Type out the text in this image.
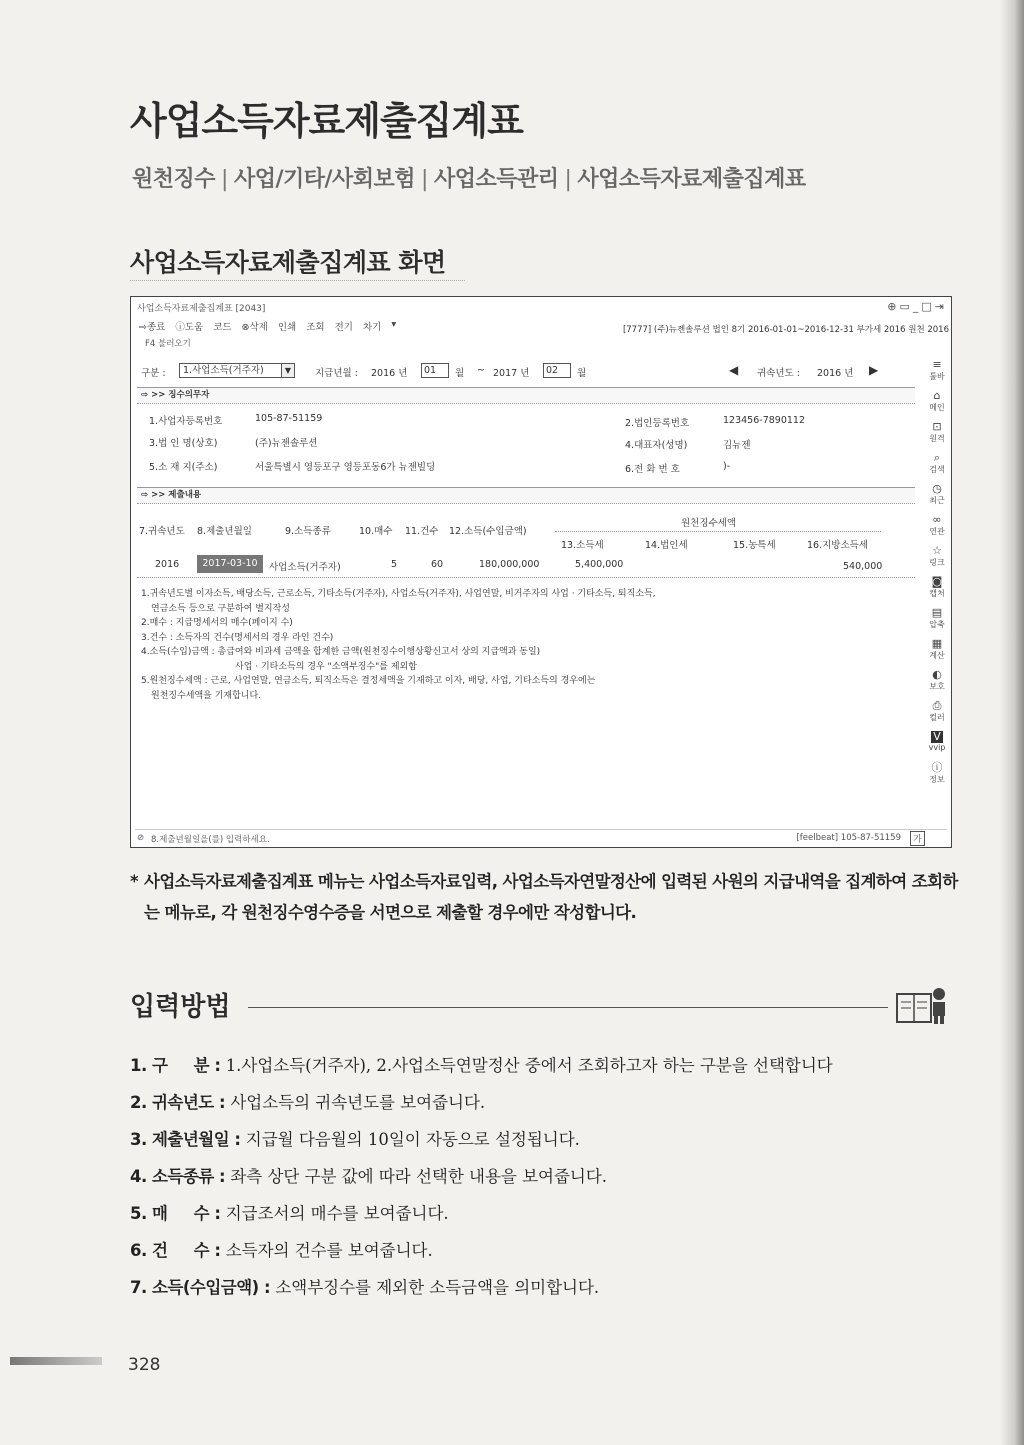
사업소득자료제출집계표
원천징수 | 사업/기타/사회보험 | 사업소득관리 | 사업소득자료제출집계표
사업소득자료제출집계표 화면
사업소득자료제출집계표 [2043]	⊕▭_□⇥
⇨종료 ⓘ도움 코드 ⊗삭제 인쇄 조회 전기 차기 ▾	[7777] (주)뉴젠솔루션 법인 8기 2016-01-01~2016-12-31 부가세 2016 원천 2016
F4 불러오기
구분 :	1.사업소득(거주자)	▼	지급년월 : 2016 년	01	월 ~ 2017 년	02	월	◀ 귀속년도 : 2016 년 ▶
⇨ >> 징수의무자
1.사업자등록번호	105-87-51159	2.법인등록번호	123456-7890112
3.법 인 명(상호)	(주)뉴젠솔루션	4.대표자(성명)	김뉴젠
5.소 재 지(주소)	서울특별시 영등포구 영등포동6가 뉴젠빌딩	6.전 화 번 호	)-
⇨ >> 제출내용
7.귀속년도 8.제출년월일	9.소득종류	10.매수 11.건수 12.소득(수입금액)
원천징수세액
13.소득세	14.법인세	15.농특세	16.지방소득세
2016	2017-03-10	사업소득(거주자)	5	60	180,000,000	5,400,000	540,000
1.귀속년도별 이자소득, 배당소득, 근로소득, 기타소득(거주자), 사업소득(거주자), 사업연말, 비거주자의 사업 · 기타소득, 퇴직소득,
연금소득 등으로 구분하여 별지작성
2.매수 : 지급명세서의 매수(페이지 수)
3.건수 : 소득자의 건수(명세서의 경우 라인 건수)
4.소득(수입)금액 : 총급여와 비과세 금액을 합계한 금액(원천징수이행상황신고서 상의 지급액과 동일)
사업 · 기타소득의 경우 "소액부징수"를 제외함
5.원천징수세액 : 근로, 사업연말, 연금소득, 퇴직소득은 결정세액을 기재하고 이자, 배당, 사업, 기타소득의 경우에는
원천징수세액을 기재합니다.
≡
툴바
⌂
메인
⊡
원격
⌕
검색
◷
최근
∞
연관
☆
링크
◙
캡처
▤
압축
▦
계산
◐
보호
⎙
컬러
V
vvip
ⓘ
정보
⊘ 8.제출년월일을(를) 입력하세요.	[feelbeat] 105-87-51159	가
* 사업소득자료제출집계표 메뉴는 사업소득자료입력, 사업소득자연말정산에 입력된 사원의 지급내역을 집계하여 조회하는 메뉴로, 각 원천징수영수증을 서면으로 제출할 경우에만 작성합니다.
입력방법
1. 구     분 : 1.사업소득(거주자), 2.사업소득연말정산 중에서 조회하고자 하는 구분을 선택합니다
2. 귀속년도 : 사업소득의 귀속년도를 보여줍니다.
3. 제출년월일 : 지급월 다음월의 10일이 자동으로 설정됩니다.
4. 소득종류 : 좌측 상단 구분 값에 따라 선택한 내용을 보여줍니다.
5. 매     수 : 지급조서의 매수를 보여줍니다.
6. 건     수 : 소득자의 건수를 보여줍니다.
7. 소득(수입금액) : 소액부징수를 제외한 소득금액을 의미합니다.
328
